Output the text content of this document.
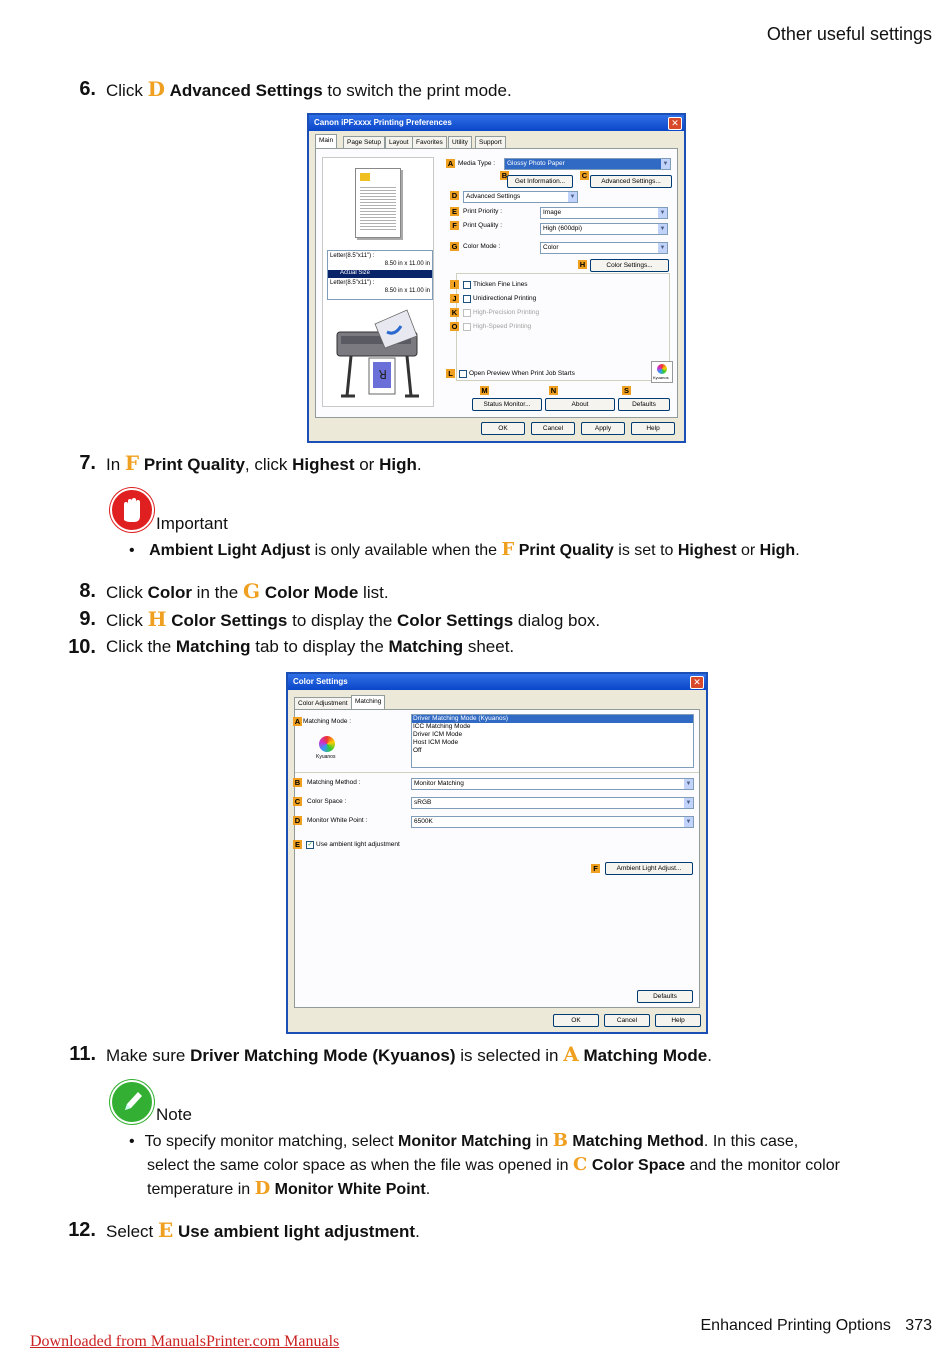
Other useful settings
6. Click D Advanced Settings to switch the print mode.
Canon iPFxxxx Printing Preferences	✕
Main	Page Setup	Layout	Favorites	Utility	Support
Letter(8.5"x11") :
8.50 in x 11.00 in
Actual Size
Letter(8.5"x11") :
8.50 in x 11.00 in
R
A Media Type :	Glossy Photo Paper	▼
B
Get Information...
C
Advanced Settings...
D	Advanced Settings	▼
E Print Priority :	Image	▼
F Print Quality :	High (600dpi)	▼
G Color Mode :	Color	▼
H	Color Settings...
I	Thicken Fine Lines
J	Unidirectional Printing
K High-Precision Printing
O High-Speed Printing
L	Open Preview When Print Job Starts
Kyuanos
M	N	S
Status Monitor...	About	Defaults
OK	Cancel	Apply	Help
7. In F Print Quality, click Highest or High.
Important
• Ambient Light Adjust is only available when the F Print Quality is set to Highest or High.
8. Click Color in the G Color Mode list.
9. Click H Color Settings to display the Color Settings dialog box.
10. Click the Matching tab to display the Matching sheet.
Color Settings	✕
Color Adjustment	Matching
A Matching Mode :
Kyuanos
Driver Matching Mode (Kyuanos)
ICC Matching Mode
Driver ICM Mode
Host ICM Mode
Off
B Matching Method :	Monitor Matching	▼
C Color Space :	sRGB	▼
D Monitor White Point :	6500K	▼
E	✓ Use ambient light adjustment
F	Ambient Light Adjust...
Defaults
OK	Cancel	Help
11. Make sure Driver Matching Mode (Kyuanos) is selected in A Matching Mode.
Note
• To specify monitor matching, select Monitor Matching in B Matching Method. In this case,
select the same color space as when the file was opened in C Color Space and the monitor color
temperature in D Monitor White Point.
12. Select E Use ambient light adjustment.
Enhanced Printing Options 373
Downloaded from ManualsPrinter.com Manuals
